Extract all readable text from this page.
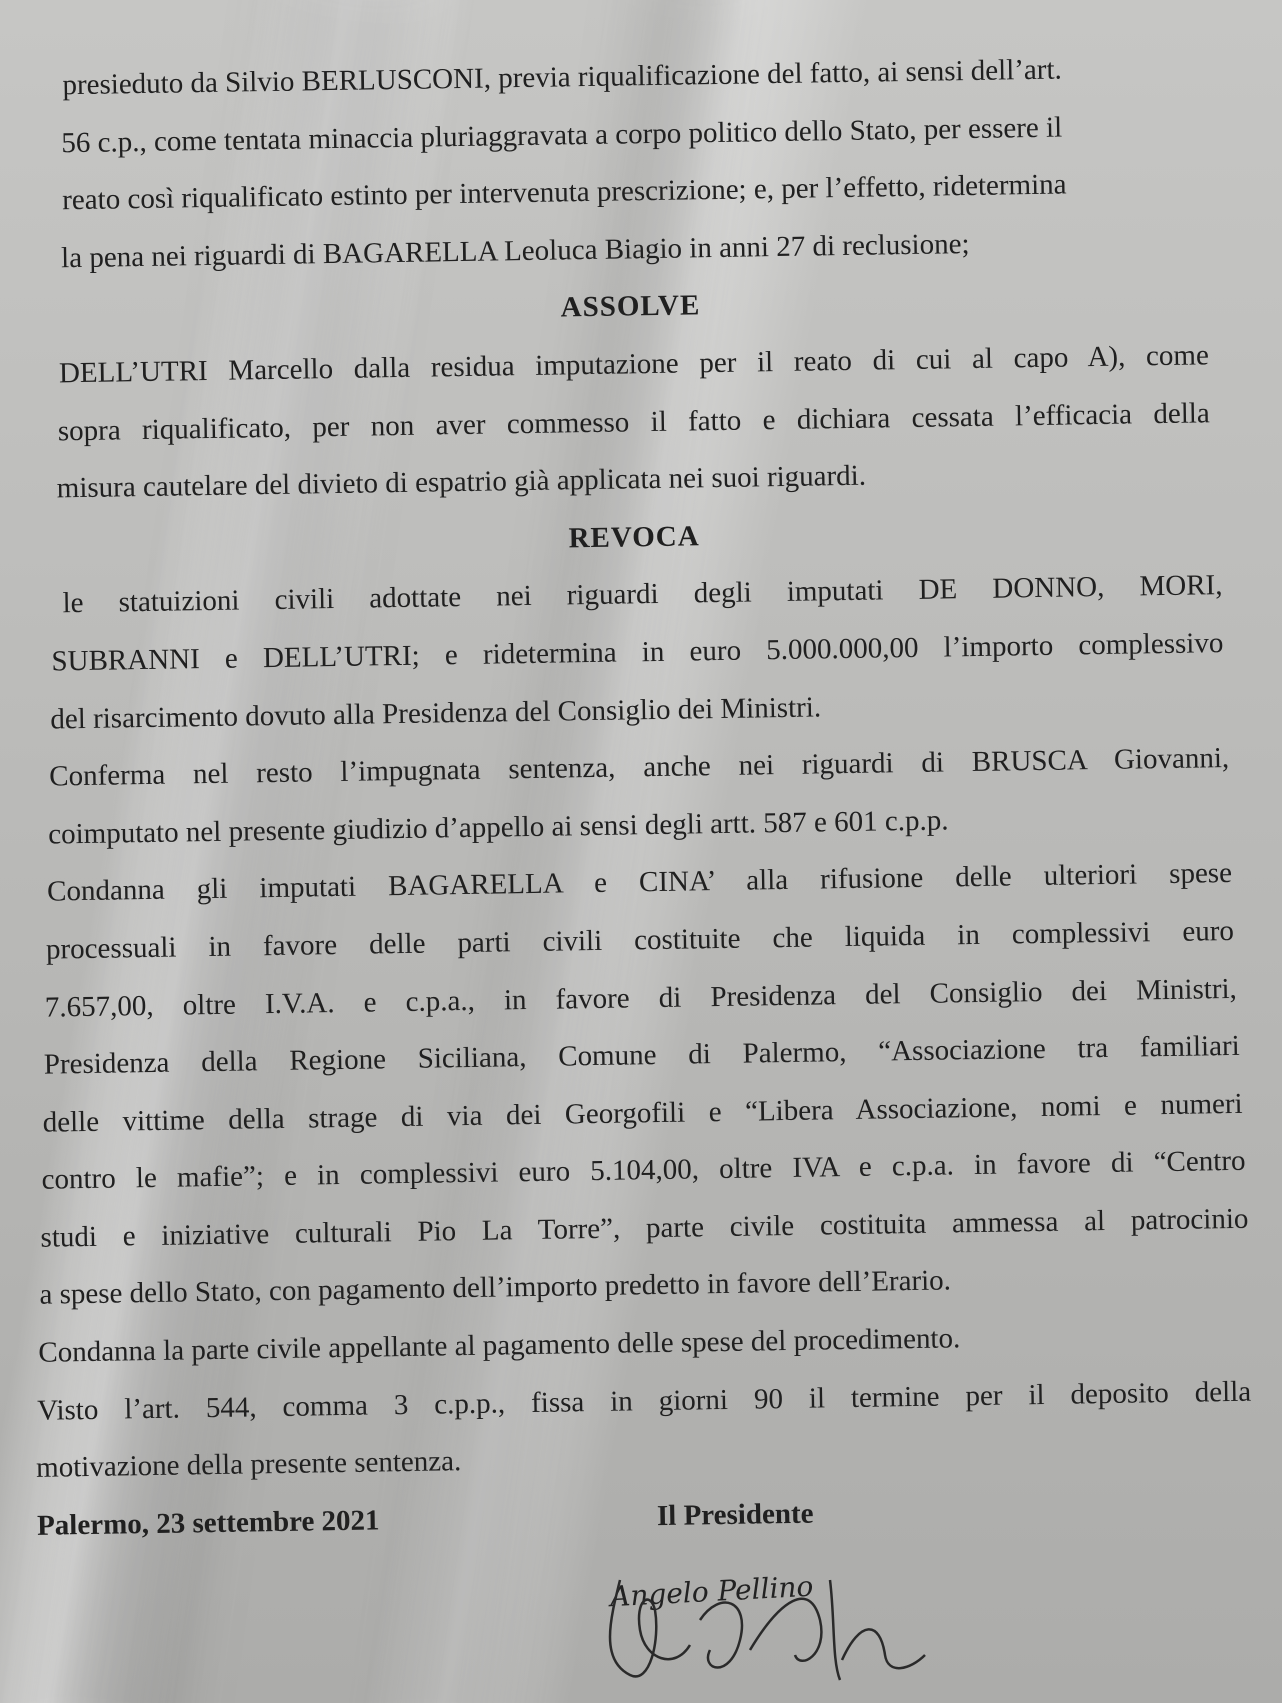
presieduto da Silvio BERLUSCONI, previa riqualificazione del fatto, ai sensi dell’art.
56 c.p., come tentata minaccia pluriaggravata a corpo politico dello Stato, per essere il
reato così riqualificato estinto per intervenuta prescrizione; e, per l’effetto, ridetermina
la pena nei riguardi di BAGARELLA Leoluca Biagio in anni 27 di reclusione;
ASSOLVE
DELL’UTRI Marcello dalla residua imputazione per il reato di cui al capo A), come
sopra riqualificato, per non aver commesso il fatto e dichiara cessata l’efficacia della
misura cautelare del divieto di espatrio già applicata nei suoi riguardi.
REVOCA
le statuizioni civili adottate nei riguardi degli imputati DE DONNO, MORI,
SUBRANNI e DELL’UTRI; e ridetermina in euro 5.000.000,00 l’importo complessivo
del risarcimento dovuto alla Presidenza del Consiglio dei Ministri.
Conferma nel resto l’impugnata sentenza, anche nei riguardi di BRUSCA Giovanni,
coimputato nel presente giudizio d’appello ai sensi degli artt. 587 e 601 c.p.p.
Condanna gli imputati BAGARELLA e CINA’ alla rifusione delle ulteriori spese
processuali in favore delle parti civili costituite che liquida in complessivi euro
7.657,00, oltre I.V.A. e c.p.a., in favore di Presidenza del Consiglio dei Ministri,
Presidenza della Regione Siciliana, Comune di Palermo, “Associazione tra familiari
delle vittime della strage di via dei Georgofili e “Libera Associazione, nomi e numeri
contro le mafie”; e in complessivi euro 5.104,00, oltre IVA e c.p.a. in favore di “Centro
studi e iniziative culturali Pio La Torre”, parte civile costituita ammessa al patrocinio
a spese dello Stato, con pagamento dell’importo predetto in favore dell’Erario.
Condanna la parte civile appellante al pagamento delle spese del procedimento.
Visto l’art. 544, comma 3 c.p.p., fissa in giorni 90 il termine per il deposito della
motivazione della presente sentenza.
Palermo, 23 settembre 2021	Il Presidente
Angelo Pellino
